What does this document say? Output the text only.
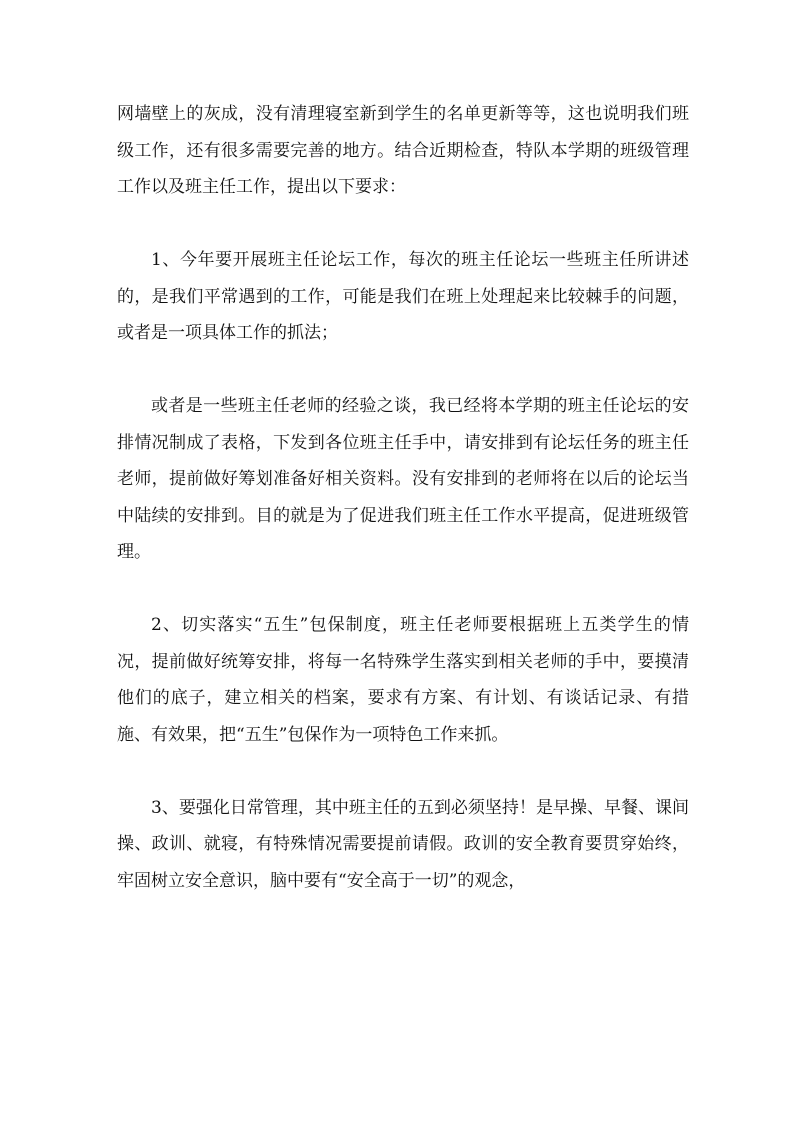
网墙壁上的灰成，没有清理寝室新到学生的名单更新等等，这也说明我们班级工作，还有很多需要完善的地方。结合近期检查，特队本学期的班级管理工作以及班主任工作，提出以下要求：

1、今年要开展班主任论坛工作，每次的班主任论坛一些班主任所讲述的，是我们平常遇到的工作，可能是我们在班上处理起来比较棘手的问题，或者是一项具体工作的抓法；

或者是一些班主任老师的经验之谈，我已经将本学期的班主任论坛的安排情况制成了表格，下发到各位班主任手中，请安排到有论坛任务的班主任老师，提前做好筹划准备好相关资料。没有安排到的老师将在以后的论坛当中陆续的安排到。目的就是为了促进我们班主任工作水平提高，促进班级管理。

2、切实落实“五生”包保制度，班主任老师要根据班上五类学生的情况，提前做好统筹安排，将每一名特殊学生落实到相关老师的手中，要摸清他们的底子，建立相关的档案，要求有方案、有计划、有谈话记录、有措施、有效果，把“五生”包保作为一项特色工作来抓。

3、要强化日常管理，其中班主任的五到必须坚持！是早操、早餐、课间操、政训、就寝，有特殊情况需要提前请假。政训的安全教育要贯穿始终，牢固树立安全意识，脑中要有“安全高于一切”的观念，
